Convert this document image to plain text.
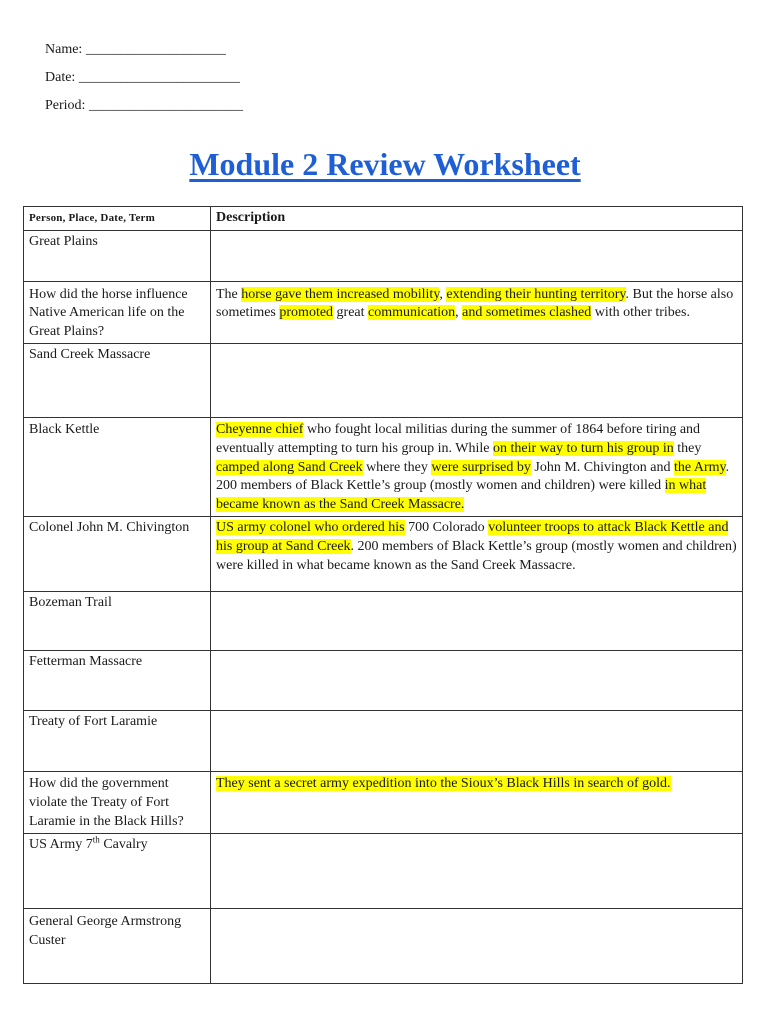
Name: ____________________
Date: _______________________
Period: ______________________
Module 2 Review Worksheet
Person, Place, Date, Term	Description
Great Plains	
How did the horse influence Native American life on the Great Plains?	The horse gave them increased mobility, extending their hunting territory. But the horse also sometimes promoted great communication, and sometimes clashed with other tribes.
Sand Creek Massacre	
Black Kettle	Cheyenne chief who fought local militias during the summer of 1864 before tiring and eventually attempting to turn his group in. While on their way to turn his group in they camped along Sand Creek where they were surprised by John M. Chivington and the Army. 200 members of Black Kettle’s group (mostly women and children) were killed in what became known as the Sand Creek Massacre.
Colonel John M. Chivington	US army colonel who ordered his 700 Colorado volunteer troops to attack Black Kettle and his group at Sand Creek. 200 members of Black Kettle’s group (mostly women and children) were killed in what became known as the Sand Creek Massacre.
Bozeman Trail	
Fetterman Massacre	
Treaty of Fort Laramie	
How did the government violate the Treaty of Fort Laramie in the Black Hills?	They sent a secret army expedition into the Sioux’s Black Hills in search of gold.
US Army 7th Cavalry	
General George Armstrong Custer	
